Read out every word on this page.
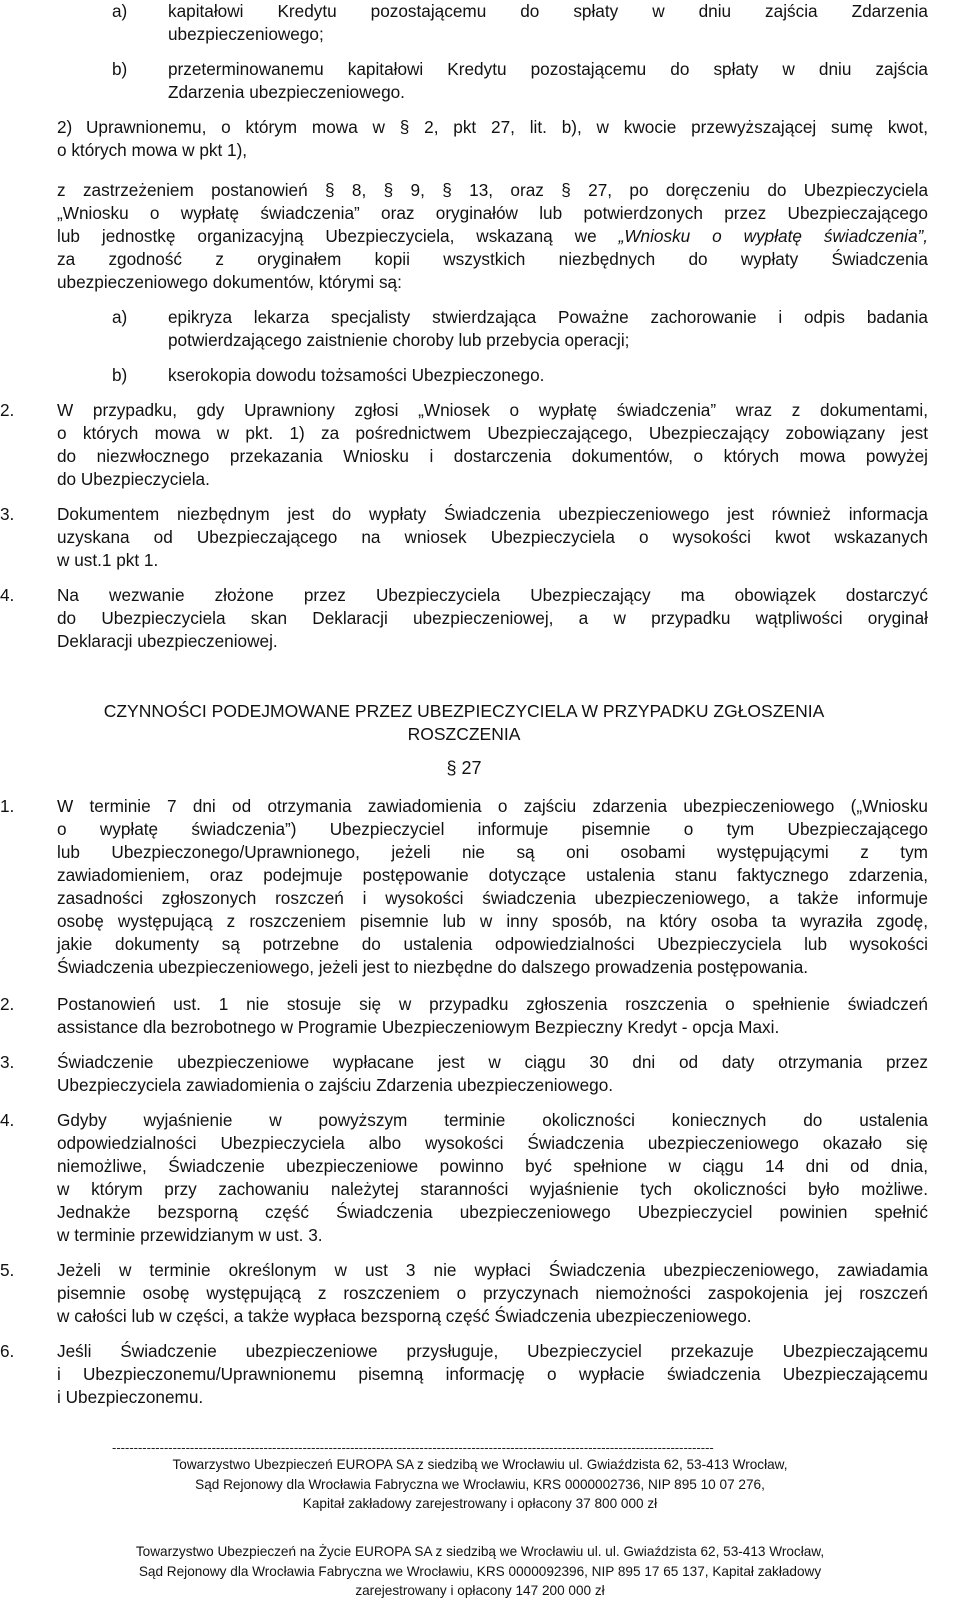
a) kapitałowi Kredytu pozostającemu do spłaty w dniu zajścia Zdarzenia
ubezpieczeniowego;
b) przeterminowanemu kapitałowi Kredytu pozostającemu do spłaty w dniu zajścia
Zdarzenia ubezpieczeniowego.
2) Uprawnionemu, o którym mowa w § 2, pkt 27, lit. b), w kwocie przewyższającej sumę kwot,
o których mowa w pkt 1),
z zastrzeżeniem postanowień § 8, § 9, § 13, oraz § 27, po doręczeniu do Ubezpieczyciela
„Wniosku o wypłatę świadczenia” oraz oryginałów lub potwierdzonych przez Ubezpieczającego
lub jednostkę organizacyjną Ubezpieczyciela, wskazaną we „Wniosku o wypłatę świadczenia”,
za zgodność z oryginałem kopii wszystkich niezbędnych do wypłaty Świadczenia
ubezpieczeniowego dokumentów, którymi są:
a) epikryza lekarza specjalisty stwierdzająca Poważne zachorowanie i odpis badania
potwierdzającego zaistnienie choroby lub przebycia operacji;
b) kserokopia dowodu tożsamości Ubezpieczonego.
2. W przypadku, gdy Uprawniony zgłosi „Wniosek o wypłatę świadczenia” wraz z dokumentami,
o których mowa w pkt. 1) za pośrednictwem Ubezpieczającego, Ubezpieczający zobowiązany jest
do niezwłocznego przekazania Wniosku i dostarczenia dokumentów, o których mowa powyżej
do Ubezpieczyciela.
3. Dokumentem niezbędnym jest do wypłaty Świadczenia ubezpieczeniowego jest również informacja
uzyskana od Ubezpieczającego na wniosek Ubezpieczyciela o wysokości kwot wskazanych
w ust.1 pkt 1.
4. Na wezwanie złożone przez Ubezpieczyciela Ubezpieczający ma obowiązek dostarczyć
do Ubezpieczyciela skan Deklaracji ubezpieczeniowej, a w przypadku wątpliwości oryginał
Deklaracji ubezpieczeniowej.
CZYNNOŚCI PODEJMOWANE PRZEZ UBEZPIECZYCIELA W PRZYPADKU ZGŁOSZENIA
ROSZCZENIA
§ 27
1. W terminie 7 dni od otrzymania zawiadomienia o zajściu zdarzenia ubezpieczeniowego („Wniosku
o wypłatę świadczenia”) Ubezpieczyciel informuje pisemnie o tym Ubezpieczającego
lub Ubezpieczonego/Uprawnionego, jeżeli nie są oni osobami występującymi z tym
zawiadomieniem, oraz podejmuje postępowanie dotyczące ustalenia stanu faktycznego zdarzenia,
zasadności zgłoszonych roszczeń i wysokości świadczenia ubezpieczeniowego, a także informuje
osobę występującą z roszczeniem pisemnie lub w inny sposób, na który osoba ta wyraziła zgodę,
jakie dokumenty są potrzebne do ustalenia odpowiedzialności Ubezpieczyciela lub wysokości
Świadczenia ubezpieczeniowego, jeżeli jest to niezbędne do dalszego prowadzenia postępowania.
2. Postanowień ust. 1 nie stosuje się w przypadku zgłoszenia roszczenia o spełnienie świadczeń
assistance dla bezrobotnego w Programie Ubezpieczeniowym Bezpieczny Kredyt - opcja Maxi.
3. Świadczenie ubezpieczeniowe wypłacane jest w ciągu 30 dni od daty otrzymania przez
Ubezpieczyciela zawiadomienia o zajściu Zdarzenia ubezpieczeniowego.
4. Gdyby wyjaśnienie w powyższym terminie okoliczności koniecznych do ustalenia
odpowiedzialności Ubezpieczyciela albo wysokości Świadczenia ubezpieczeniowego okazało się
niemożliwe, Świadczenie ubezpieczeniowe powinno być spełnione w ciągu 14 dni od dnia,
w którym przy zachowaniu należytej staranności wyjaśnienie tych okoliczności było możliwe.
Jednakże bezsporną część Świadczenia ubezpieczeniowego Ubezpieczyciel powinien spełnić
w terminie przewidzianym w ust. 3.
5. Jeżeli w terminie określonym w ust 3 nie wypłaci Świadczenia ubezpieczeniowego, zawiadamia
pisemnie osobę występującą z roszczeniem o przyczynach niemożności zaspokojenia jej roszczeń
w całości lub w części, a także wypłaca bezsporną część Świadczenia ubezpieczeniowego.
6. Jeśli Świadczenie ubezpieczeniowe przysługuje, Ubezpieczyciel przekazuje Ubezpieczającemu
i Ubezpieczonemu/Uprawnionemu pisemną informację o wypłacie świadczenia Ubezpieczającemu
i Ubezpieczonemu.
-------------------------------------------------------------------------------------------------------------------------------------------
Towarzystwo Ubezpieczeń EUROPA SA z siedzibą we Wrocławiu ul. Gwiaździsta 62, 53-413 Wrocław,
Sąd Rejonowy dla Wrocławia Fabryczna we Wrocławiu, KRS 0000002736, NIP 895 10 07 276,
Kapitał zakładowy zarejestrowany i opłacony 37 800 000 zł
Towarzystwo Ubezpieczeń na Życie EUROPA SA z siedzibą we Wrocławiu ul. ul. Gwiaździsta 62, 53-413 Wrocław,
Sąd Rejonowy dla Wrocławia Fabryczna we Wrocławiu, KRS 0000092396, NIP 895 17 65 137, Kapitał zakładowy
zarejestrowany i opłacony 147 200 000 zł
